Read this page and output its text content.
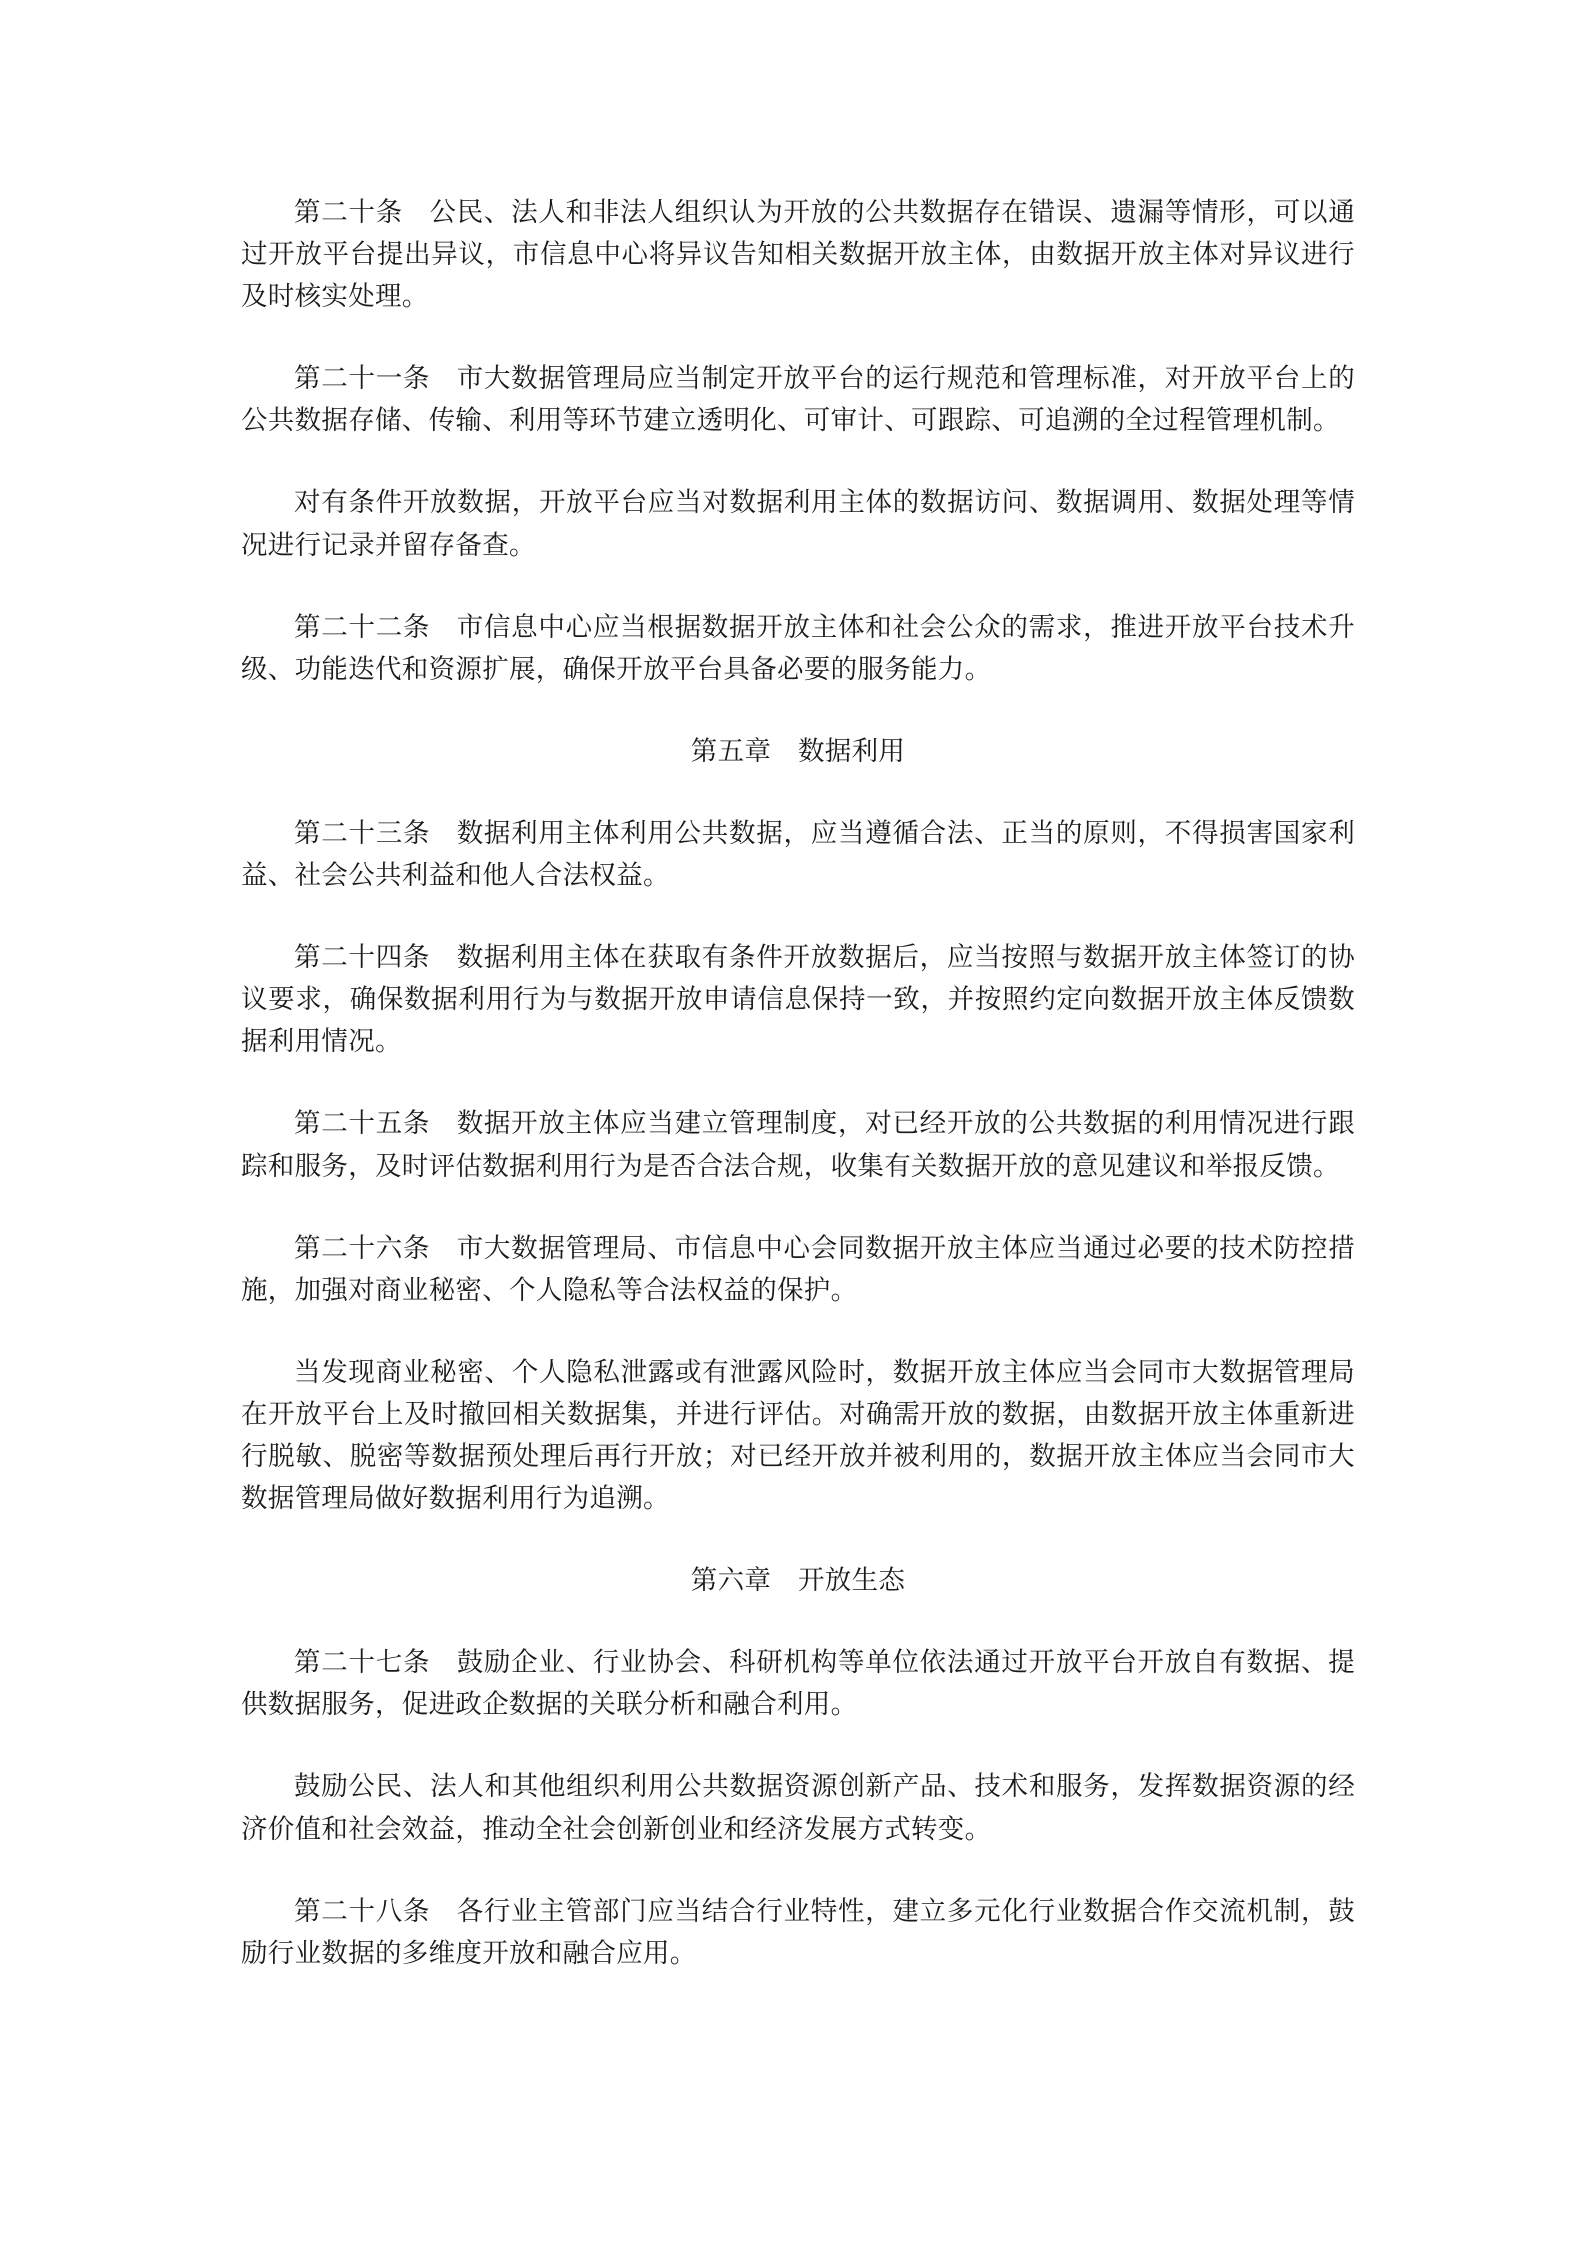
第二十条 公民、法人和非法人组织认为开放的公共数据存在错误、遗漏等情形，可以通过开放平台提出异议，市信息中心将异议告知相关数据开放主体，由数据开放主体对异议进行及时核实处理。

第二十一条 市大数据管理局应当制定开放平台的运行规范和管理标准，对开放平台上的公共数据存储、传输、利用等环节建立透明化、可审计、可跟踪、可追溯的全过程管理机制。

对有条件开放数据，开放平台应当对数据利用主体的数据访问、数据调用、数据处理等情况进行记录并留存备查。

第二十二条 市信息中心应当根据数据开放主体和社会公众的需求，推进开放平台技术升级、功能迭代和资源扩展，确保开放平台具备必要的服务能力。

第五章　数据利用

第二十三条 数据利用主体利用公共数据，应当遵循合法、正当的原则，不得损害国家利益、社会公共利益和他人合法权益。

第二十四条 数据利用主体在获取有条件开放数据后，应当按照与数据开放主体签订的协议要求，确保数据利用行为与数据开放申请信息保持一致，并按照约定向数据开放主体反馈数据利用情况。

第二十五条 数据开放主体应当建立管理制度，对已经开放的公共数据的利用情况进行跟踪和服务，及时评估数据利用行为是否合法合规，收集有关数据开放的意见建议和举报反馈。

第二十六条 市大数据管理局、市信息中心会同数据开放主体应当通过必要的技术防控措施，加强对商业秘密、个人隐私等合法权益的保护。

当发现商业秘密、个人隐私泄露或有泄露风险时，数据开放主体应当会同市大数据管理局在开放平台上及时撤回相关数据集，并进行评估。对确需开放的数据，由数据开放主体重新进行脱敏、脱密等数据预处理后再行开放；对已经开放并被利用的，数据开放主体应当会同市大数据管理局做好数据利用行为追溯。

第六章　开放生态

第二十七条 鼓励企业、行业协会、科研机构等单位依法通过开放平台开放自有数据、提供数据服务，促进政企数据的关联分析和融合利用。

鼓励公民、法人和其他组织利用公共数据资源创新产品、技术和服务，发挥数据资源的经济价值和社会效益，推动全社会创新创业和经济发展方式转变。

第二十八条 各行业主管部门应当结合行业特性，建立多元化行业数据合作交流机制，鼓励行业数据的多维度开放和融合应用。
